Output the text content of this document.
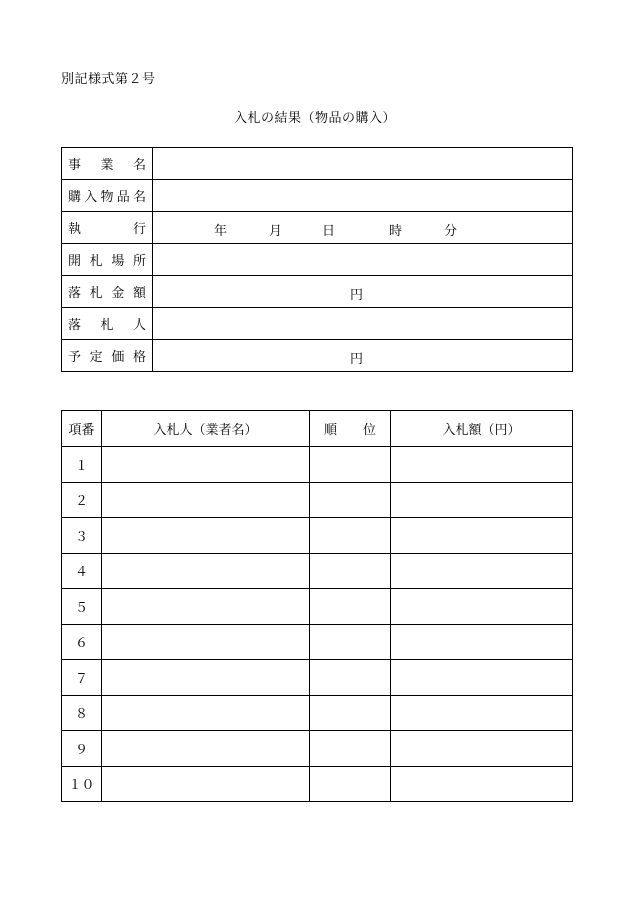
別記様式第２号
入札の結果（物品の購入）
事 業 名	

購 入 物 品 名	

執 行	年 月 日 時 分

開 札 場 所	

落 札 金 額	円

落 札 人	

予 定 価 格	円
項番	入札人（業者名）	順 位	入札額（円）
１			
２			
３			
４			
５			
６			
７			
８			
９			
１０			
